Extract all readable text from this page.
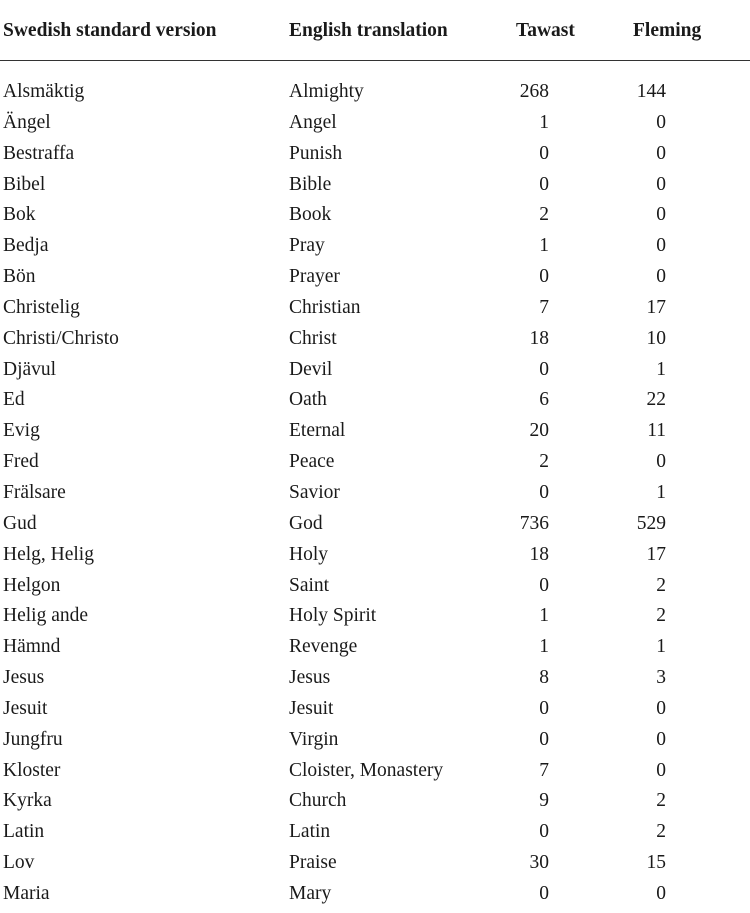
Swedish standard version	English translation	Tawast	Fleming
Alsmäktig	Almighty	268	144
Ängel	Angel	1	0
Bestraffa	Punish	0	0
Bibel	Bible	0	0
Bok	Book	2	0
Bedja	Pray	1	0
Bön	Prayer	0	0
Christelig	Christian	7	17
Christi/Christo	Christ	18	10
Djävul	Devil	0	1
Ed	Oath	6	22
Evig	Eternal	20	11
Fred	Peace	2	0
Frälsare	Savior	0	1
Gud	God	736	529
Helg, Helig	Holy	18	17
Helgon	Saint	0	2
Helig ande	Holy Spirit	1	2
Hämnd	Revenge	1	1
Jesus	Jesus	8	3
Jesuit	Jesuit	0	0
Jungfru	Virgin	0	0
Kloster	Cloister, Monastery	7	0
Kyrka	Church	9	2
Latin	Latin	0	2
Lov	Praise	30	15
Maria	Mary	0	0
